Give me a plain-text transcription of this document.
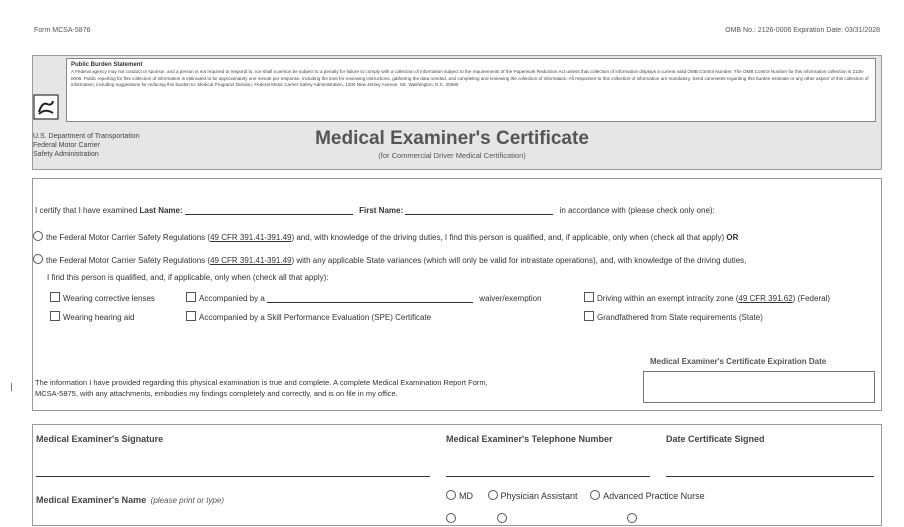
Form MCSA-5876	OMB No.: 2126-0006 Expiration Date: 03/31/2028
Public Burden Statement
A Federal agency may not conduct or sponsor, and a person is not required to respond to, nor shall a person be subject to a penalty for failure to comply with a collection of information subject to the requirements of the Paperwork Reduction Act unless that collection of information displays a current valid OMB Control Number. The OMB Control Number for this information collection is 2126-0006. Public reporting for this collection of information is estimated to be approximately one minute per response, including the time for reviewing instructions, gathering the data needed, and completing and reviewing the collection of information. All responses to this collection of information are mandatory. Send comments regarding this burden estimate or any other aspect of this collection of information, including suggestions for reducing this burden to: Medical Programs Division, Federal Motor Carrier Safety Administration, 1200 New Jersey Avenue, SE, Washington, D.C. 20590.
U.S. Department of Transportation
Federal Motor Carrier
Safety Administration
Medical Examiner's Certificate
(for Commercial Driver Medical Certification)
I certify that I have examined Last Name:	First Name:	in accordance with (please check only one):
the Federal Motor Carrier Safety Regulations (49 CFR 391.41-391.49) and, with knowledge of the driving duties, I find this person is qualified, and, if applicable, only when (check all that apply) OR
the Federal Motor Carrier Safety Regulations (49 CFR 391.41-391.49) with any applicable State variances (which will only be valid for intrastate operations), and, with knowledge of the driving duties,
I find this person is qualified, and, if applicable, only when (check all that apply):
Wearing corrective lenses	Accompanied by a	waiver/exemption	Driving within an exempt intracity zone (49 CFR 391.62) (Federal)
Wearing hearing aid	Accompanied by a Skill Performance Evaluation (SPE) Certificate	Grandfathered from State requirements (State)
Medical Examiner's Certificate Expiration Date
The information I have provided regarding this physical examination is true and complete. A complete Medical Examination Report Form,
MCSA-5875, with any attachments, embodies my findings completely and correctly, and is on file in my office.
Medical Examiner's Signature	Medical Examiner's Telephone Number	Date Certificate Signed
Medical Examiner's Name (please print or type)	MD	Physician Assistant	Advanced Practice Nurse
